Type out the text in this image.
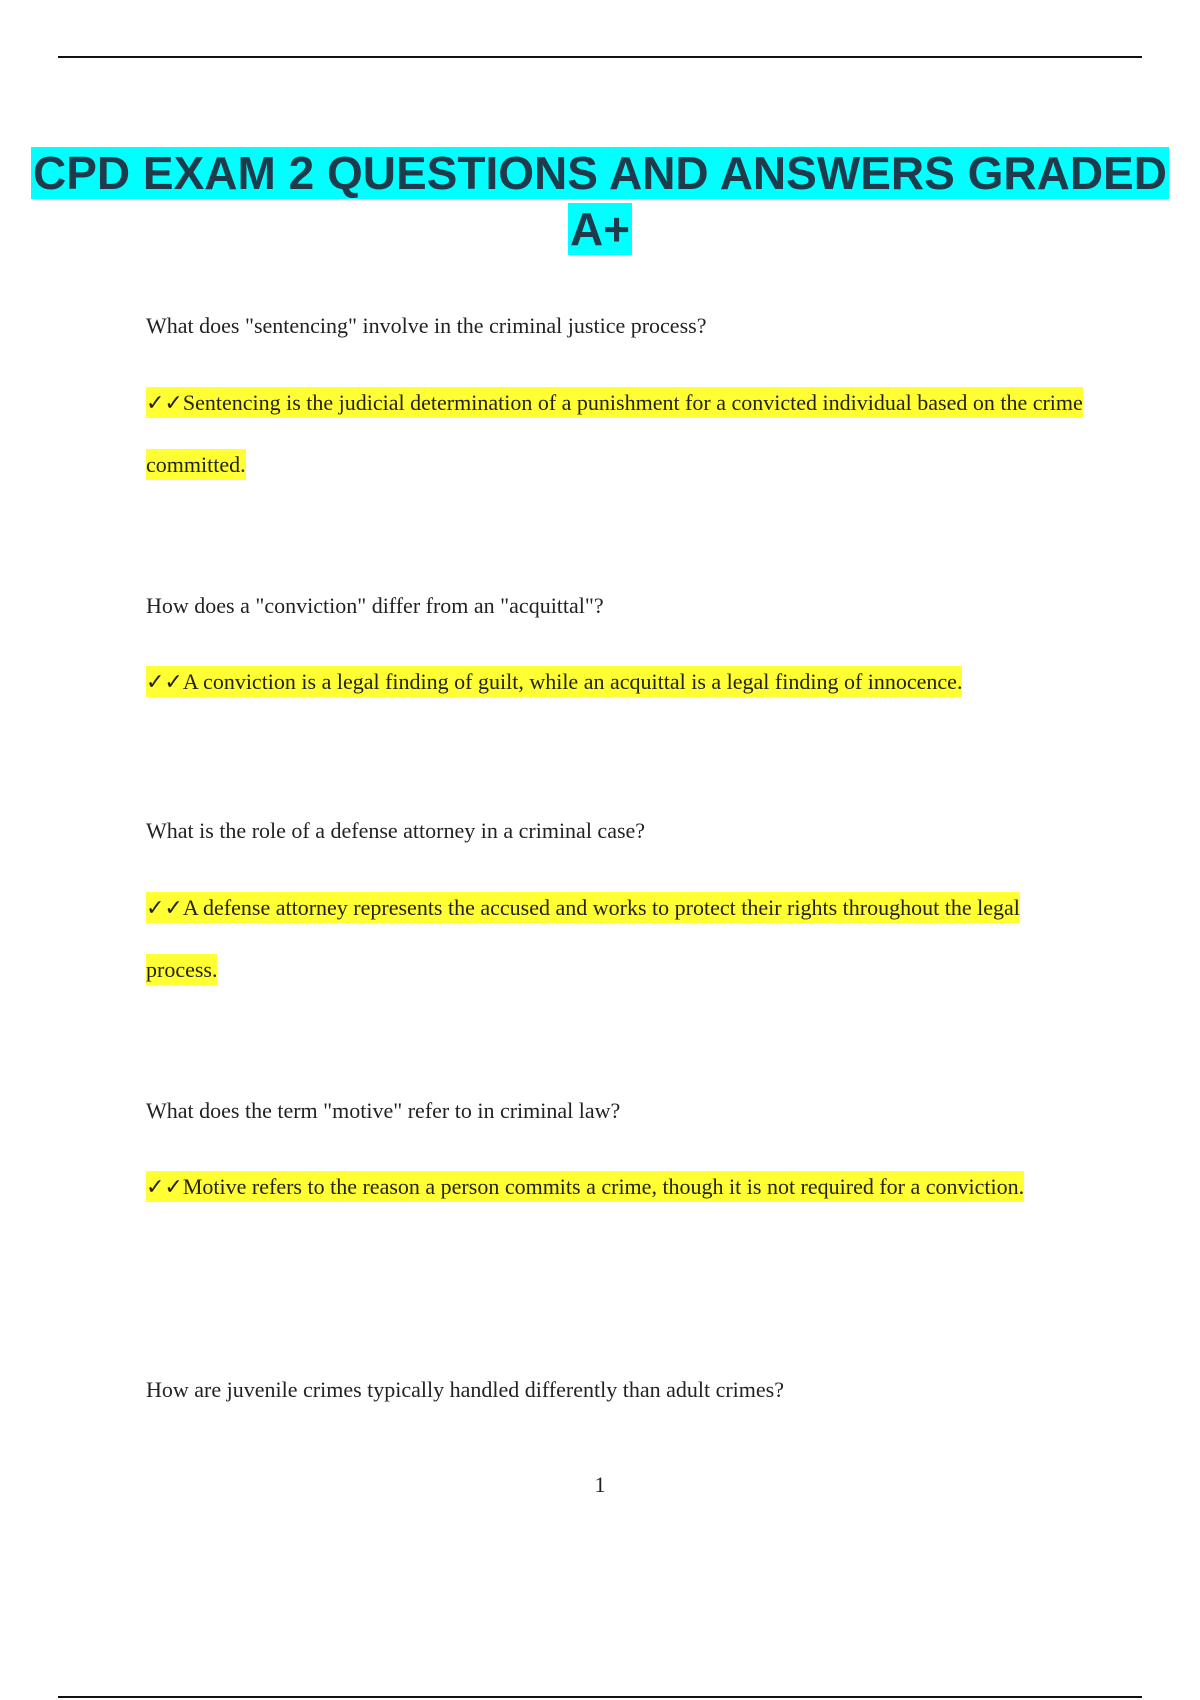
CPD EXAM 2 QUESTIONS AND ANSWERS GRADED A+
What does "sentencing" involve in the criminal justice process?
✓✓Sentencing is the judicial determination of a punishment for a convicted individual based on the crime committed.
How does a "conviction" differ from an "acquittal"?
✓✓A conviction is a legal finding of guilt, while an acquittal is a legal finding of innocence.
What is the role of a defense attorney in a criminal case?
✓✓A defense attorney represents the accused and works to protect their rights throughout the legal process.
What does the term "motive" refer to in criminal law?
✓✓Motive refers to the reason a person commits a crime, though it is not required for a conviction.
How are juvenile crimes typically handled differently than adult crimes?
1
